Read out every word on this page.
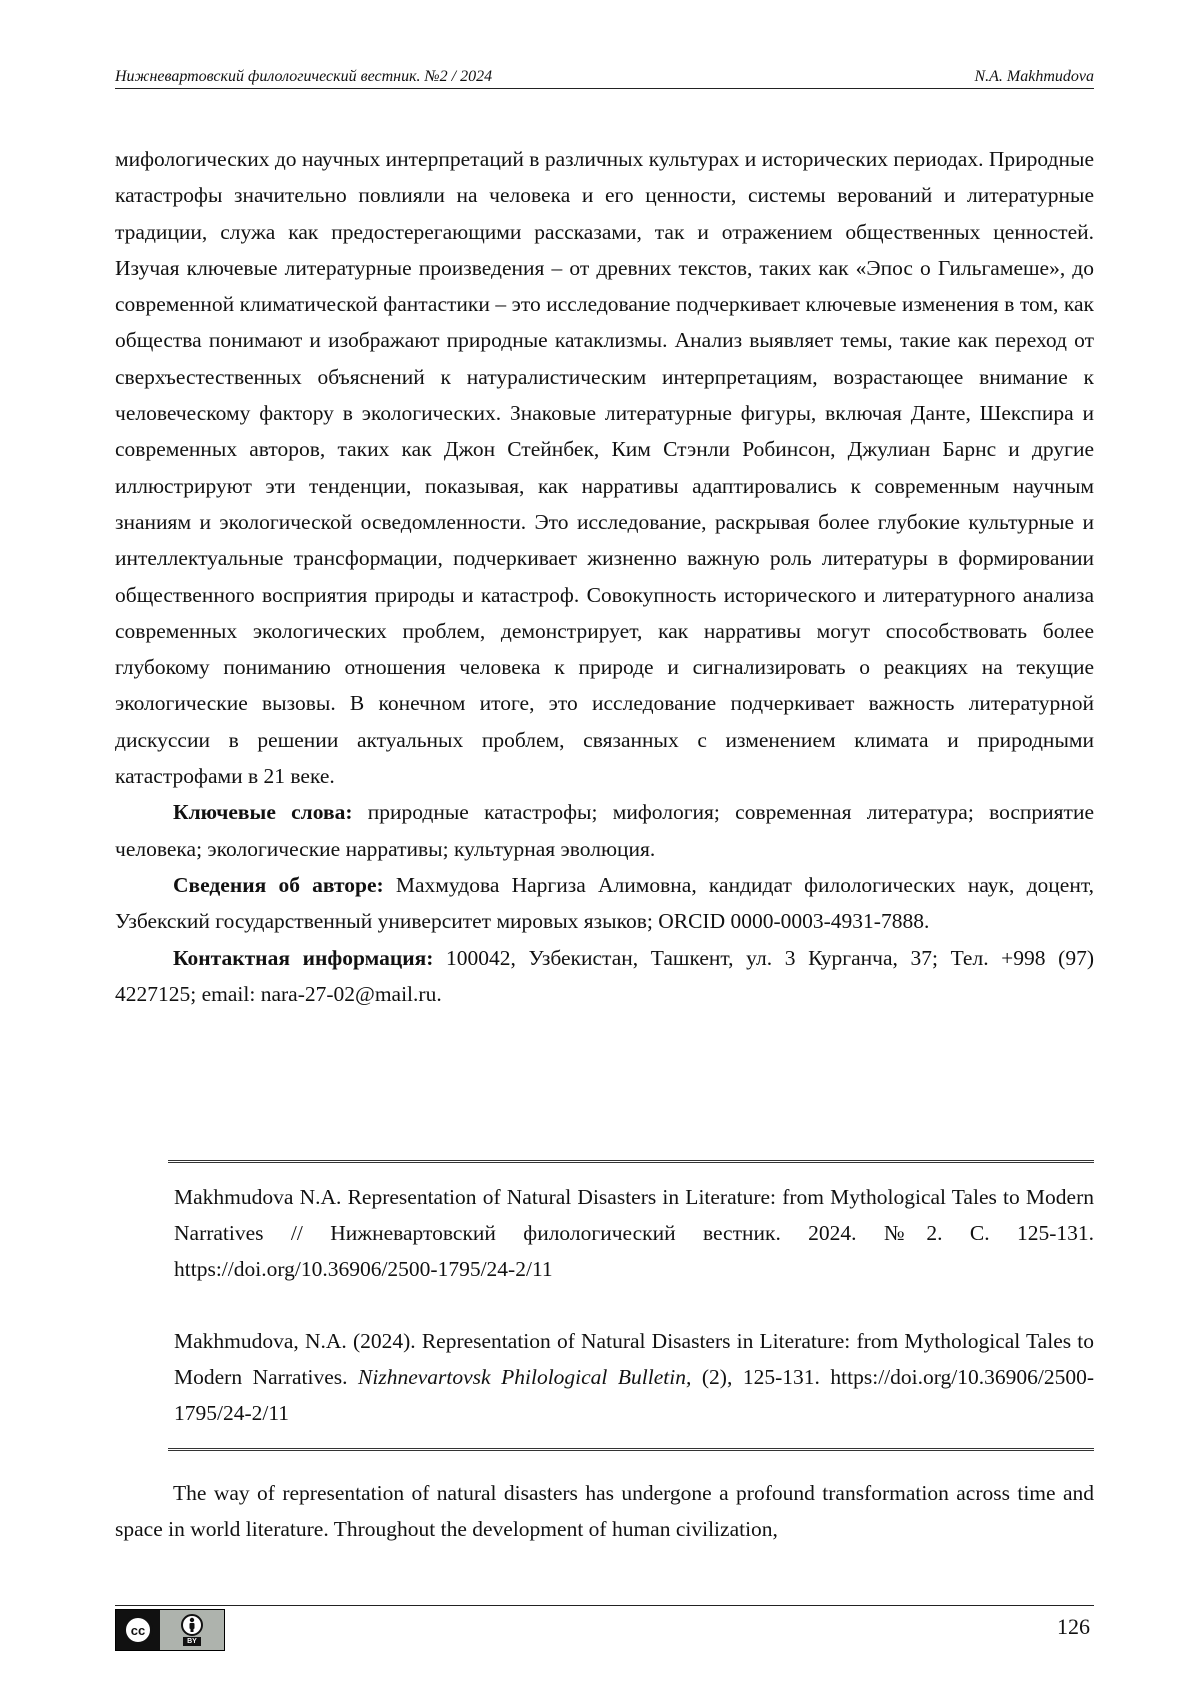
Нижневартовский филологический вестник. №2 / 2024	N.A. Makhmudova

мифологических до научных интерпретаций в различных культурах и исторических периодах. Природные катастрофы значительно повлияли на человека и его ценности, системы верований и литературные традиции, служа как предостерегающими рассказами, так и отражением общественных ценностей. Изучая ключевые литературные произведения – от древних текстов, таких как «Эпос о Гильгамеше», до современной климатической фантастики – это исследование подчеркивает ключевые изменения в том, как общества понимают и изображают природные катаклизмы. Анализ выявляет темы, такие как переход от сверхъестественных объяснений к натуралистическим интерпретациям, возрастающее внимание к человеческому фактору в экологических. Знаковые литературные фигуры, включая Данте, Шекспира и современных авторов, таких как Джон Стейнбек, Ким Стэнли Робинсон, Джулиан Барнс и другие иллюстрируют эти тенденции, показывая, как нарративы адаптировались к современным научным знаниям и экологической осведомленности. Это исследование, раскрывая более глубокие культурные и интеллектуальные трансформации, подчеркивает жизненно важную роль литературы в формировании общественного восприятия природы и катастроф. Совокупность исторического и литературного анализа современных экологических проблем, демонстрирует, как нарративы могут способствовать более глубокому пониманию отношения человека к природе и сигнализировать о реакциях на текущие экологические вызовы. В конечном итоге, это исследование подчеркивает важность литературной дискуссии в решении актуальных проблем, связанных с изменением климата и природными катастрофами в 21 веке.

Ключевые слова: природные катастрофы; мифология; современная литература; восприятие человека; экологические нарративы; культурная эволюция.

Сведения об авторе: Махмудова Наргиза Алимовна, кандидат филологических наук, доцент, Узбекский государственный университет мировых языков; ORCID 0000-0003-4931-7888.

Контактная информация: 100042, Узбекистан, Ташкент, ул. 3 Курганча, 37; Тел. +998 (97) 4227125; email: nara-27-02@mail.ru.

Makhmudova N.A. Representation of Natural Disasters in Literature: from Mythological Tales to Modern Narratives // Нижневартовский филологический вестник. 2024. №2. С. 125-131. https://doi.org/10.36906/2500-1795/24-2/11

Makhmudova, N.A. (2024). Representation of Natural Disasters in Literature: from Mythological Tales to Modern Narratives. Nizhnevartovsk Philological Bulletin, (2), 125-131. https://doi.org/10.36906/2500-1795/24-2/11

The way of representation of natural disasters has undergone a profound transformation across time and space in world literature. Throughout the development of human civilization,

cc
BY
126
